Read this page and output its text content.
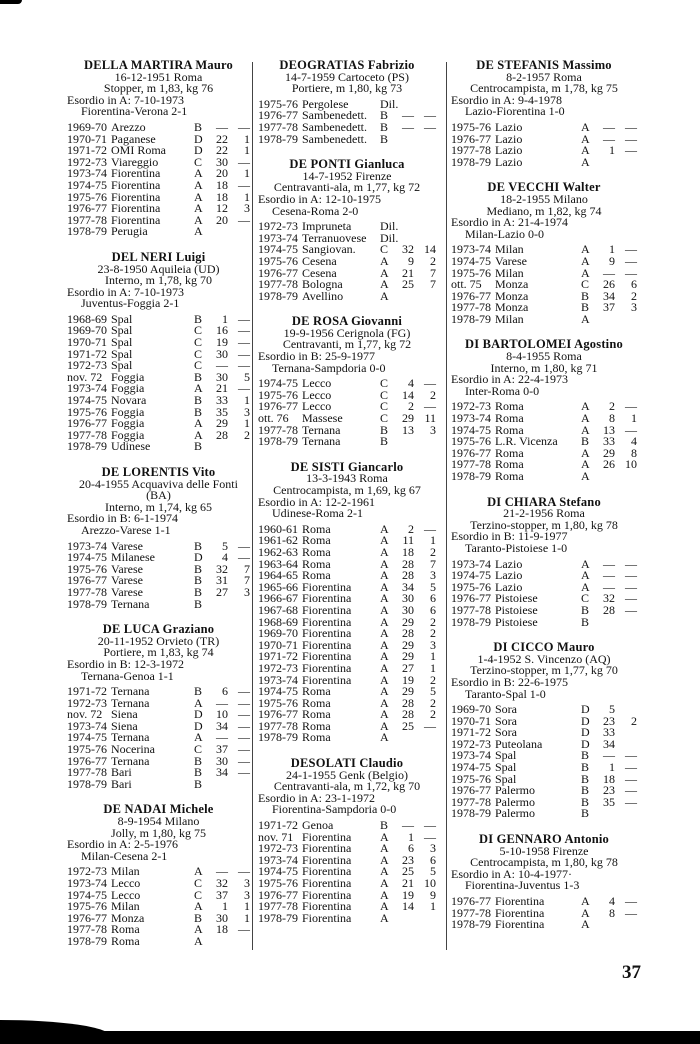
DELLA MARTIRA Mauro
16-12-1951 Roma
Stopper, m 1,83, kg 76
Esordio in A: 7-10-1973
Fiorentina-Verona 2-1
1969-70 Arezzo	B	— —
1970-71 Paganese	D	22	1
1971-72 OMI Roma	D	22	1
1972-73 Viareggio	C	30 —
1973-74 Fiorentina	A	20	1
1974-75 Fiorentina	A	18 —
1975-76 Fiorentina	A	18	1
1976-77 Fiorentina	A	12	3
1977-78 Fiorentina	A	20 —
1978-79 Perugia	A
DEL NERI Luigi
23-8-1950 Aquileia (UD)
Interno, m 1,78, kg 70
Esordio in A: 7-10-1973
Juventus-Foggia 2-1
1968-69 Spal	B	1 —
1969-70 Spal	C	16 —
1970-71 Spal	C	19 —
1971-72 Spal	C	30 —
1972-73 Spal	C	— —
nov. 72 Foggia	B	30	5
1973-74 Foggia	A	21 —
1974-75 Novara	B	33	1
1975-76 Foggia	B	35	3
1976-77 Foggia	A	29	1
1977-78 Foggia	A	28	2
1978-79 Udinese	B
DE LORENTIS Vito
20-4-1955 Acquaviva delle Fonti (BA)
Interno, m 1,74, kg 65
Esordio in B: 6-1-1974
Arezzo-Varese 1-1
1973-74 Varese	B	5 —
1974-75 Milanese	D	4 —
1975-76 Varese	B	32	7
1976-77 Varese	B	31	7
1977-78 Varese	B	27	3
1978-79 Ternana	B
DE LUCA Graziano
20-11-1952 Orvieto (TR)
Portiere, m 1,83, kg 74
Esordio in B: 12-3-1972
Ternana-Genoa 1-1
1971-72 Ternana	B	6 —
1972-73 Ternana	A	— —
nov. 72 Siena	D	10 —
1973-74 Siena	D	34 —
1974-75 Ternana	A	— —
1975-76 Nocerina	C	37 —
1976-77 Ternana	B	30 —
1977-78 Bari	B	34 —
1978-79 Bari	B
DE NADAI Michele
8-9-1954 Milano
Jolly, m 1,80, kg 75
Esordio in A: 2-5-1976
Milan-Cesena 2-1
1972-73 Milan	A	— —
1973-74 Lecco	C	32	3
1974-75 Lecco	C	37	3
1975-76 Milan	A	1	1
1976-77 Monza	B	30	1
1977-78 Roma	A	18 —
1978-79 Roma	A
DEOGRATIAS Fabrizio
14-7-1959 Cartoceto (PS)
Portiere, m 1,80, kg 73
1975-76 Pergolese	Dil.
1976-77 Sambenedett.	B	— —
1977-78 Sambenedett.	B	— —
1978-79 Sambenedett.	B
DE PONTI Gianluca
14-7-1952 Firenze
Centravanti-ala, m 1,77, kg 72
Esordio in A: 12-10-1975
Cesena-Roma 2-0
1972-73 Impruneta	Dil.
1973-74 Terranuovese	Dil.
1974-75 Sangiovan.	C	32 14
1975-76 Cesena	A	9	2
1976-77 Cesena	A	21	7
1977-78 Bologna	A	25	7
1978-79 Avellino	A
DE ROSA Giovanni
19-9-1956 Cerignola (FG)
Centravanti, m 1,77, kg 72
Esordio in B: 25-9-1977
Ternana-Sampdoria 0-0
1974-75 Lecco	C	4 —
1975-76 Lecco	C	14	2
1976-77 Lecco	C	2 —
ott. 76	Massese	C	29 11
1977-78 Ternana	B	13	3
1978-79 Ternana	B
DE SISTI Giancarlo
13-3-1943 Roma
Centrocampista, m 1,69, kg 67
Esordio in A: 12-2-1961
Udinese-Roma 2-1
1960-61 Roma	A	2 —
1961-62 Roma	A	11	1
1962-63 Roma	A	18	2
1963-64 Roma	A	28	7
1964-65 Roma	A	28	3
1965-66 Fiorentina	A	34	5
1966-67 Fiorentina	A	30	6
1967-68 Fiorentina	A	30	6
1968-69 Fiorentina	A	29	2
1969-70 Fiorentina	A	28	2
1970-71 Fiorentina	A	29	3
1971-72 Fiorentina	A	29	1
1972-73 Fiorentina	A	27	1
1973-74 Fiorentina	A	19	2
1974-75 Roma	A	29	5
1975-76 Roma	A	28	2
1976-77 Roma	A	28	2
1977-78 Roma	A	25 —
1978-79 Roma	A
DESOLATI Claudio
24-1-1955 Genk (Belgio)
Centravanti-ala, m 1,72, kg 70
Esordio in A: 23-1-1972
Fiorentina-Sampdoria 0-0
1971-72 Genoa	B	— —
nov. 71 Fiorentina	A	1 —
1972-73 Fiorentina	A	6	3
1973-74 Fiorentina	A	23	6
1974-75 Fiorentina	A	25	5
1975-76 Fiorentina	A	21 10
1976-77 Fiorentina	A	19	9
1977-78 Fiorentina	A	14	1
1978-79 Fiorentina	A
DE STEFANIS Massimo
8-2-1957 Roma
Centrocampista, m 1,78, kg 75
Esordio in A: 9-4-1978
Lazio-Fiorentina 1-0
1975-76 Lazio	A	— —
1976-77 Lazio	A	— —
1977-78 Lazio	A	1 —
1978-79 Lazio	A
DE VECCHI Walter
18-2-1955 Milano
Mediano, m 1,82, kg 74
Esordio in A: 21-4-1974
Milan-Lazio 0-0
1973-74 Milan	A	1 —
1974-75 Varese	A	9 —
1975-76 Milan	A	— —
ott. 75	Monza	C	26	6
1976-77 Monza	B	34	2
1977-78 Monza	B	37	3
1978-79 Milan	A
DI BARTOLOMEI Agostino
8-4-1955 Roma
Interno, m 1,80, kg 71
Esordio in A: 22-4-1973
Inter-Roma 0-0
1972-73 Roma	A	2 —
1973-74 Roma	A	8	1
1974-75 Roma	A	13 —
1975-76 L.R. Vicenza	B	33	4
1976-77 Roma	A	29	8
1977-78 Roma	A	26 10
1978-79 Roma	A
DI CHIARA Stefano
21-2-1956 Roma
Terzino-stopper, m 1,80, kg 78
Esordio in B: 11-9-1977
Taranto-Pistoiese 1-0
1973-74 Lazio	A	— —
1974-75 Lazio	A	— —
1975-76 Lazio	A	— —
1976-77 Pistoiese	C	32 —
1977-78 Pistoiese	B	28 —
1978-79 Pistoiese	B
DI CICCO Mauro
1-4-1952 S. Vincenzo (AQ)
Terzino-stopper, m 1,77, kg 70
Esordio in B: 22-6-1975
Taranto-Spal 1-0
1969-70 Sora	D	5
1970-71 Sora	D	23	2
1971-72 Sora	D	33
1972-73 Puteolana	D	34
1973-74 Spal	B	— —
1974-75 Spal	B	1 —
1975-76 Spal	B	18 —
1976-77 Palermo	B	23 —
1977-78 Palermo	B	35 —
1978-79 Palermo	B
DI GENNARO Antonio
5-10-1958 Firenze
Centrocampista, m 1,80, kg 78
Esordio in A: 10-4-1977·
Fiorentina-Juventus 1-3
1976-77 Fiorentina	A	4 —
1977-78 Fiorentina	A	8 —
1978-79 Fiorentina	A
37
